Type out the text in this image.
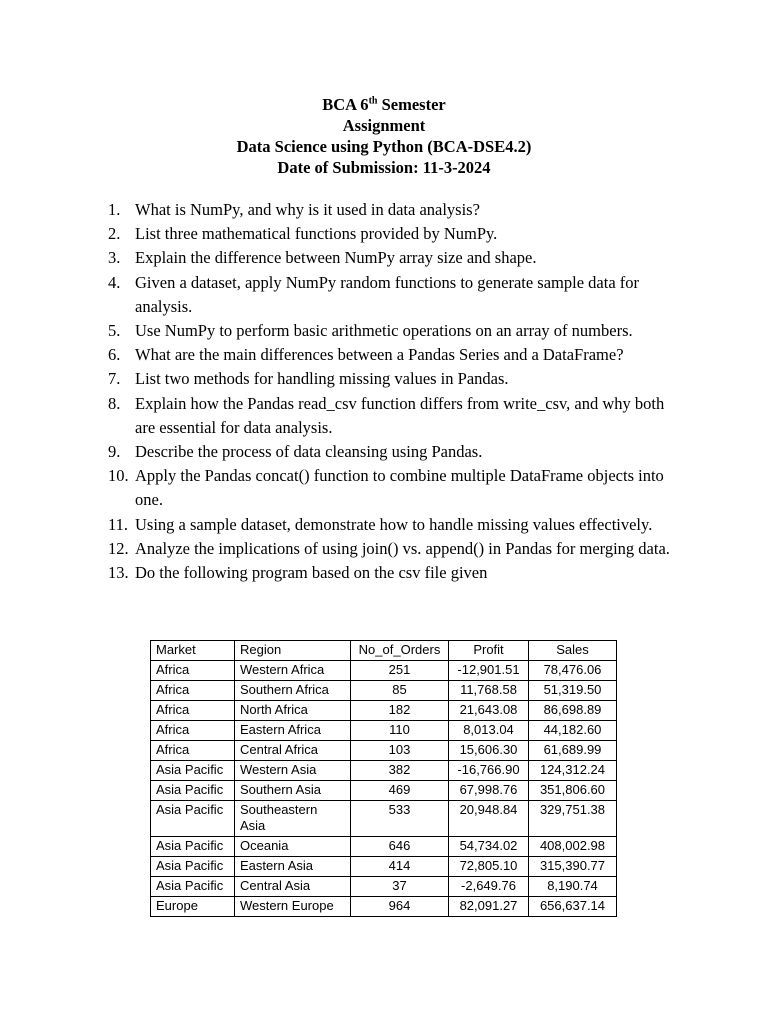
BCA 6th Semester
Assignment
Data Science using Python (BCA-DSE4.2)
Date of Submission: 11-3-2024
1. What is NumPy, and why is it used in data analysis?
2. List three mathematical functions provided by NumPy.
3. Explain the difference between NumPy array size and shape.
4. Given a dataset, apply NumPy random functions to generate sample data for analysis.
5. Use NumPy to perform basic arithmetic operations on an array of numbers.
6. What are the main differences between a Pandas Series and a DataFrame?
7. List two methods for handling missing values in Pandas.
8. Explain how the Pandas read_csv function differs from write_csv, and why both are essential for data analysis.
9. Describe the process of data cleansing using Pandas.
10. Apply the Pandas concat() function to combine multiple DataFrame objects into one.
11. Using a sample dataset, demonstrate how to handle missing values effectively.
12. Analyze the implications of using join() vs. append() in Pandas for merging data.
13. Do the following program based on the csv file given
Market	Region	No_of_Orders	Profit	Sales
Africa	Western Africa	251	-12,901.51	78,476.06
Africa	Southern Africa	85	11,768.58	51,319.50
Africa	North Africa	182	21,643.08	86,698.89
Africa	Eastern Africa	110	8,013.04	44,182.60
Africa	Central Africa	103	15,606.30	61,689.99
Asia Pacific	Western Asia	382	-16,766.90	124,312.24
Asia Pacific	Southern Asia	469	67,998.76	351,806.60
Asia Pacific	Southeastern Asia	533	20,948.84	329,751.38
Asia Pacific	Oceania	646	54,734.02	408,002.98
Asia Pacific	Eastern Asia	414	72,805.10	315,390.77
Asia Pacific	Central Asia	37	-2,649.76	8,190.74
Europe	Western Europe	964	82,091.27	656,637.14
